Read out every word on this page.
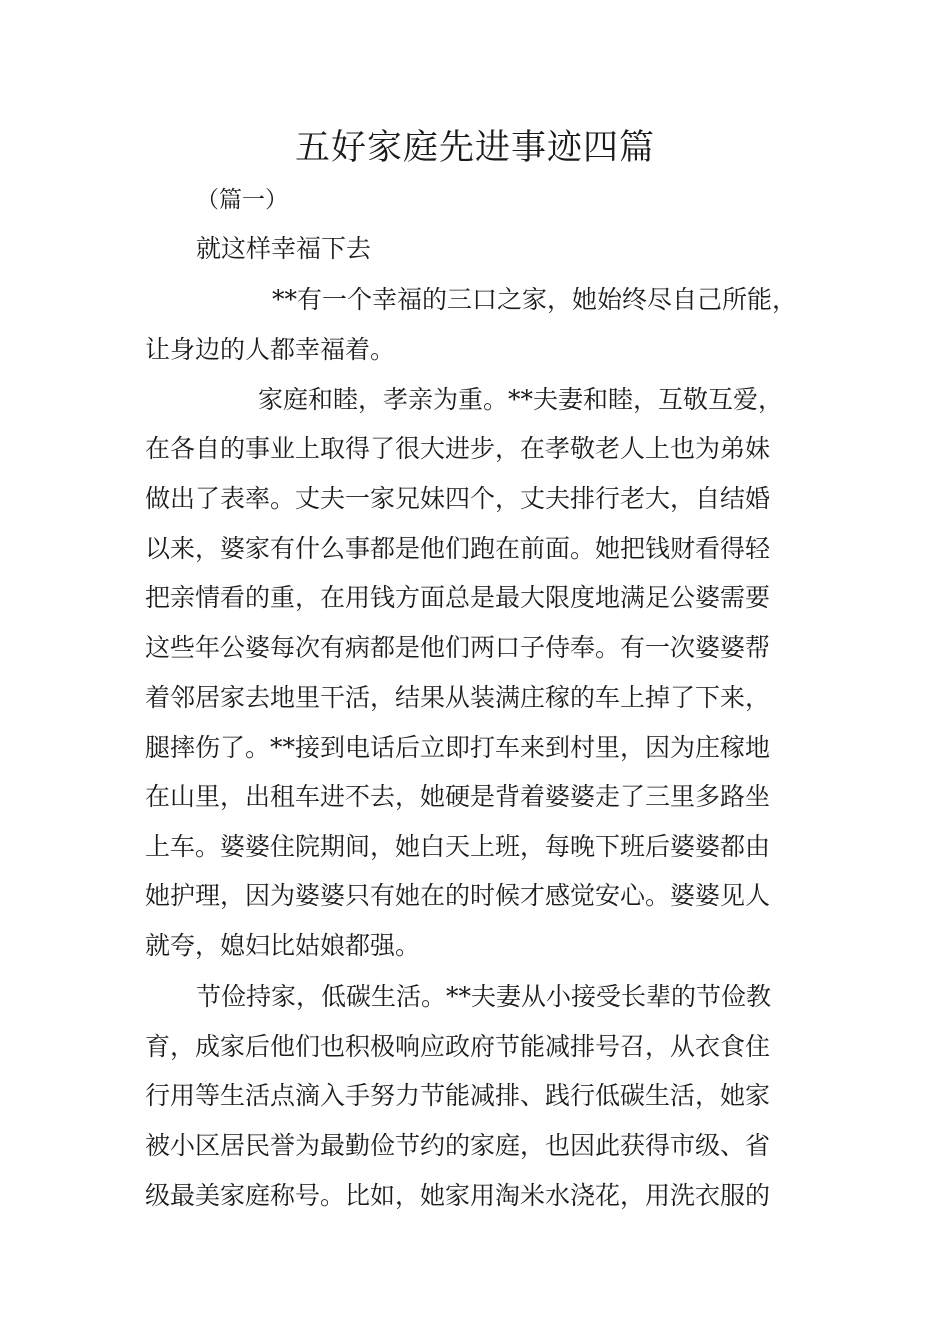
五好家庭先进事迹四篇
（篇一）
就这样幸福下去
**有一个幸福的三口之家，她始终尽自己所能，
让身边的人都幸福着。
家庭和睦，孝亲为重。**夫妻和睦，互敬互爱，
在各自的事业上取得了很大进步，在孝敬老人上也为弟妹
做出了表率。丈夫一家兄妹四个，丈夫排行老大，自结婚
以来，婆家有什么事都是他们跑在前面。她把钱财看得轻
把亲情看的重，在用钱方面总是最大限度地满足公婆需要
这些年公婆每次有病都是他们两口子侍奉。有一次婆婆帮
着邻居家去地里干活，结果从装满庄稼的车上掉了下来，
腿摔伤了。**接到电话后立即打车来到村里，因为庄稼地
在山里，出租车进不去，她硬是背着婆婆走了三里多路坐
上车。婆婆住院期间，她白天上班，每晚下班后婆婆都由
她护理，因为婆婆只有她在的时候才感觉安心。婆婆见人
就夸，媳妇比姑娘都强。
节俭持家，低碳生活。**夫妻从小接受长辈的节俭教
育，成家后他们也积极响应政府节能减排号召，从衣食住
行用等生活点滴入手努力节能减排、践行低碳生活，她家
被小区居民誉为最勤俭节约的家庭，也因此获得市级、省
级最美家庭称号。比如，她家用淘米水浇花，用洗衣服的
